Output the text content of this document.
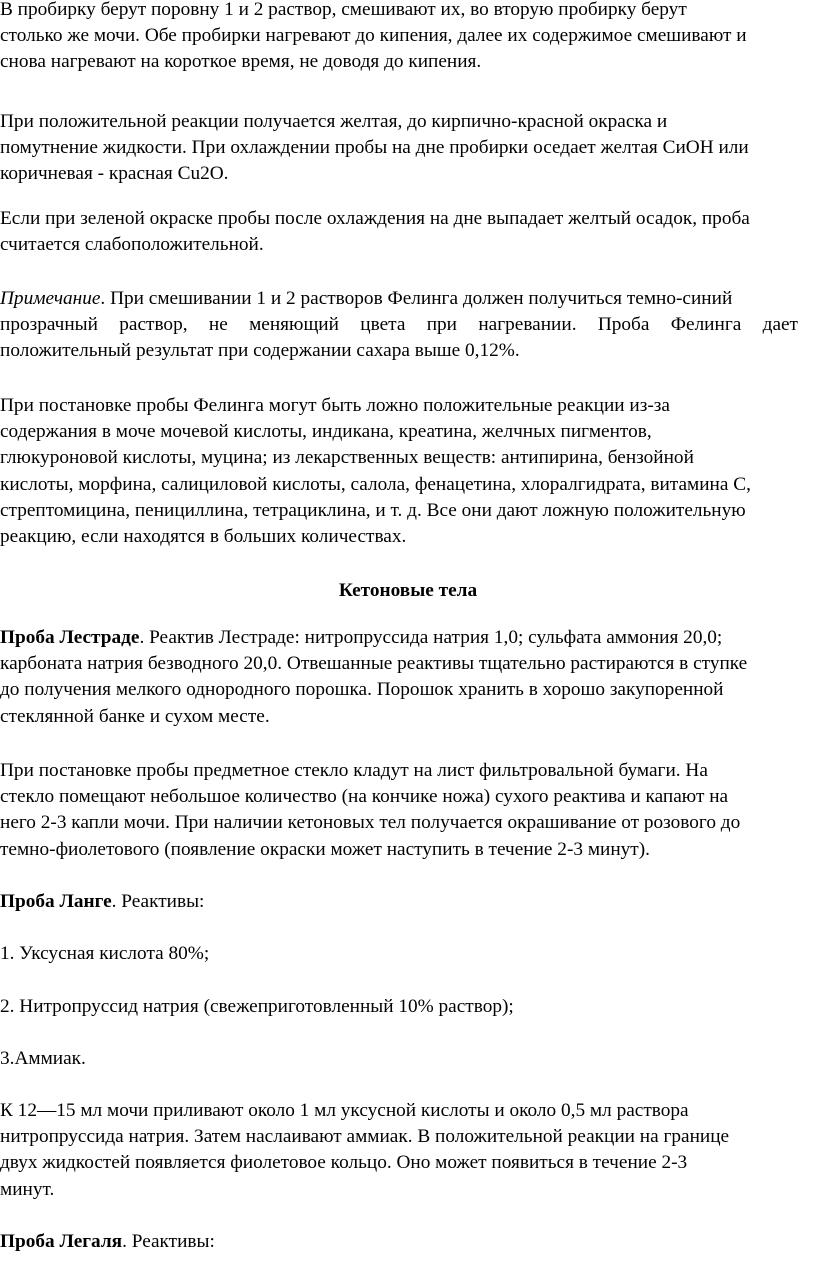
В пробирку берут поровну 1 и 2 раствор, смешивают их, во вторую пробирку берут
столько же мочи. Обе пробирки нагревают до кипения, далее их содержимое смешивают и
снова нагревают на короткое время, не доводя до кипения.

При положительной реакции получается желтая, до кирпично-красной окраска и
помутнение жидкости. При охлаждении пробы на дне пробирки оседает желтая СиОН или
коричневая - красная Cu2O.

Если при зеленой окраске пробы после охлаждения на дне выпадает желтый осадок, проба
считается слабоположительной.

Примечание. При смешивании 1 и 2 растворов Фелинга должен получиться темно-синий
прозрачный раствор, не меняющий цвета при нагревании. Проба Фелинга дает
положительный результат при содержании сахара выше 0,12%.

При постановке пробы Фелинга могут быть ложно положительные реакции из-за
содержания в моче мочевой кислоты, индикана, креатина, желчных пигментов,
глюкуроновой кислоты, муцина; из лекарственных веществ: антипирина, бензойной
кислоты, морфина, салициловой кислоты, салола, фенацетина, хлоралгидрата, витамина С,
стрептомицина, пенициллина, тетрациклина, и т. д. Все они дают ложную положительную
реакцию, если находятся в больших количествах.

Кетоновые тела

Проба Лестраде. Реактив Лестраде: нитропруссида натрия 1,0; сульфата аммония 20,0;
карбоната натрия безводного 20,0. Отвешанные реактивы тщательно растираются в ступке
до получения мелкого однородного порошка. Порошок хранить в хорошо закупоренной
стеклянной банке и сухом месте.

При постановке пробы предметное стекло кладут на лист фильтровальной бумаги. На
стекло помещают небольшое количество (на кончике ножа) сухого реактива и капают на
него 2-3 капли мочи. При наличии кетоновых тел получается окрашивание от розового до
темно-фиолетового (появление окраски может наступить в течение 2-3 минут).

Проба Ланге. Реактивы:

1. Уксусная кислота 80%;

2. Нитропруссид натрия (свежеприготовленный 10% раствор);

3.Аммиак.

К 12—15 мл мочи приливают около 1 мл уксусной кислоты и около 0,5 мл раствора
нитропруссида натрия. Затем наслаивают аммиак. В положительной реакции на границе
двух жидкостей появляется фиолетовое кольцо. Оно может появиться в течение 2-3
минут.

Проба Легаля. Реактивы:
